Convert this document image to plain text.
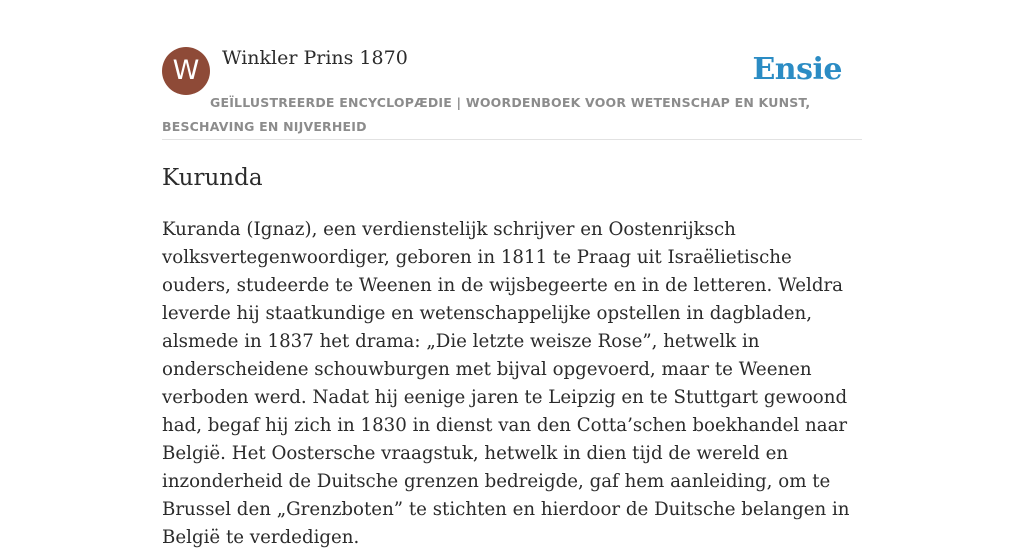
W	Winkler Prins 1870	Ensie
GEÏLLUSTREERDE ENCYCLOPÆDIE | WOORDENBOEK VOOR WETENSCHAP EN KUNST, BESCHAVING EN NIJVERHEID
Kurunda

Kuranda (Ignaz), een verdienstelijk schrijver en Oostenrijksch volksvertegenwoordiger, geboren in 1811 te Praag uit Israëlietische ouders, studeerde te Weenen in de wijsbegeerte en in de letteren. Weldra leverde hij staatkundige en wetenschappelijke opstellen in dagbladen, alsmede in 1837 het drama: „Die letzte weisze Rose”, hetwelk in onderscheidene schouwburgen met bijval opgevoerd, maar te Weenen verboden werd. Nadat hij eenige jaren te Leipzig en te Stuttgart gewoond had, begaf hij zich in 1830 in dienst van den Cotta’schen boekhandel naar België. Het Oostersche vraagstuk, hetwelk in dien tijd de wereld en inzonderheid de Duitsche grenzen bedreigde, gaf hem aanleiding, om te Brussel den „Grenzboten” te stichten en hierdoor de Duitsche belangen in België te verdedigen.
